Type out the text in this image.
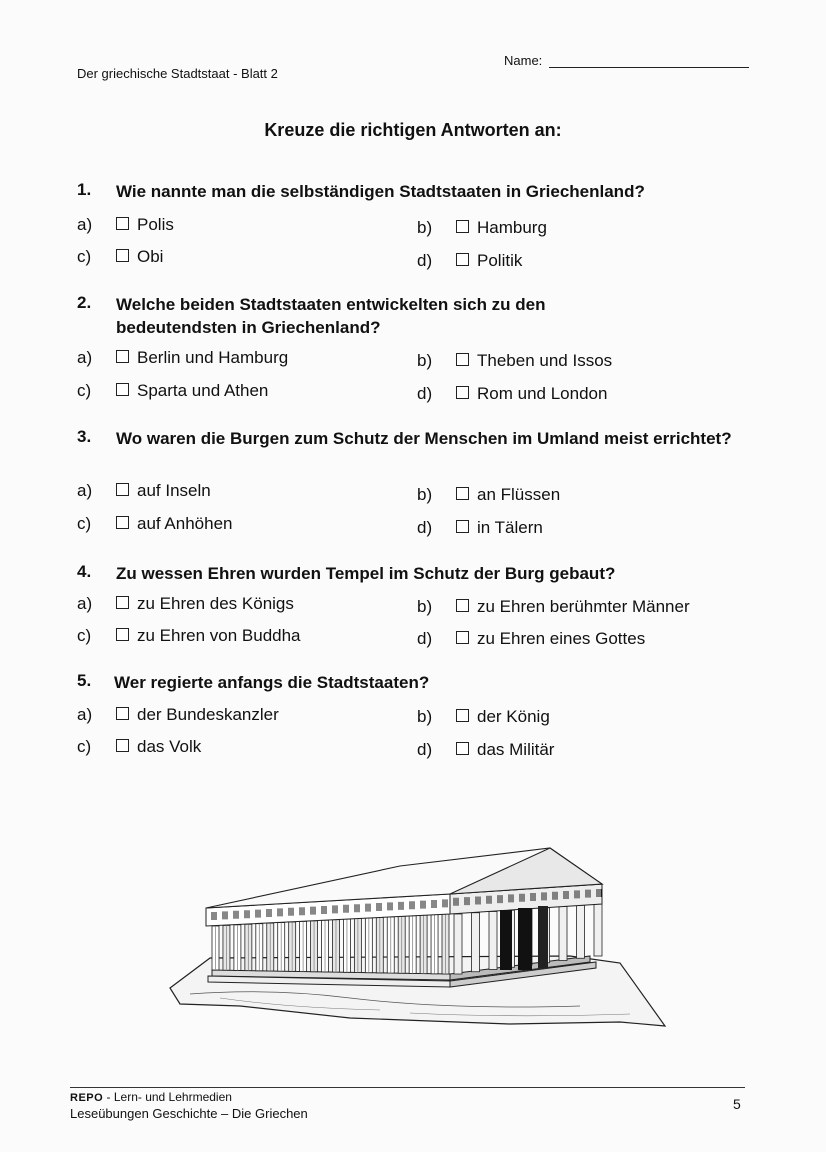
Der griechische Stadtstaat - Blatt 2
Name:
Kreuze die richtigen Antworten an:
1. Wie nannte man die selbständigen Stadtstaaten in Griechenland?
a)	Polis	b)	Hamburg
c)	Obi	d)	Politik
2. Welche beiden Stadtstaaten entwickelten sich zu den bedeutendsten in Griechenland?
a)	Berlin und Hamburg	b)	Theben und Issos
c)	Sparta und Athen	d)	Rom und London
3. Wo waren die Burgen zum Schutz der Menschen im Umland meist errichtet?
a)	auf Inseln	b)	an Flüssen
c)	auf Anhöhen	d)	in Tälern
4. Zu wessen Ehren wurden Tempel im Schutz der Burg gebaut?
a)	zu Ehren des Königs	b)	zu Ehren berühmter Männer
c)	zu Ehren von Buddha	d)	zu Ehren eines Gottes
5. Wer regierte anfangs die Stadtstaaten?
a)	der Bundeskanzler	b)	der König
c)	das Volk	d)	das Militär
REPO - Lern- und Lehrmedien
Leseübungen Geschichte – Die Griechen
5
